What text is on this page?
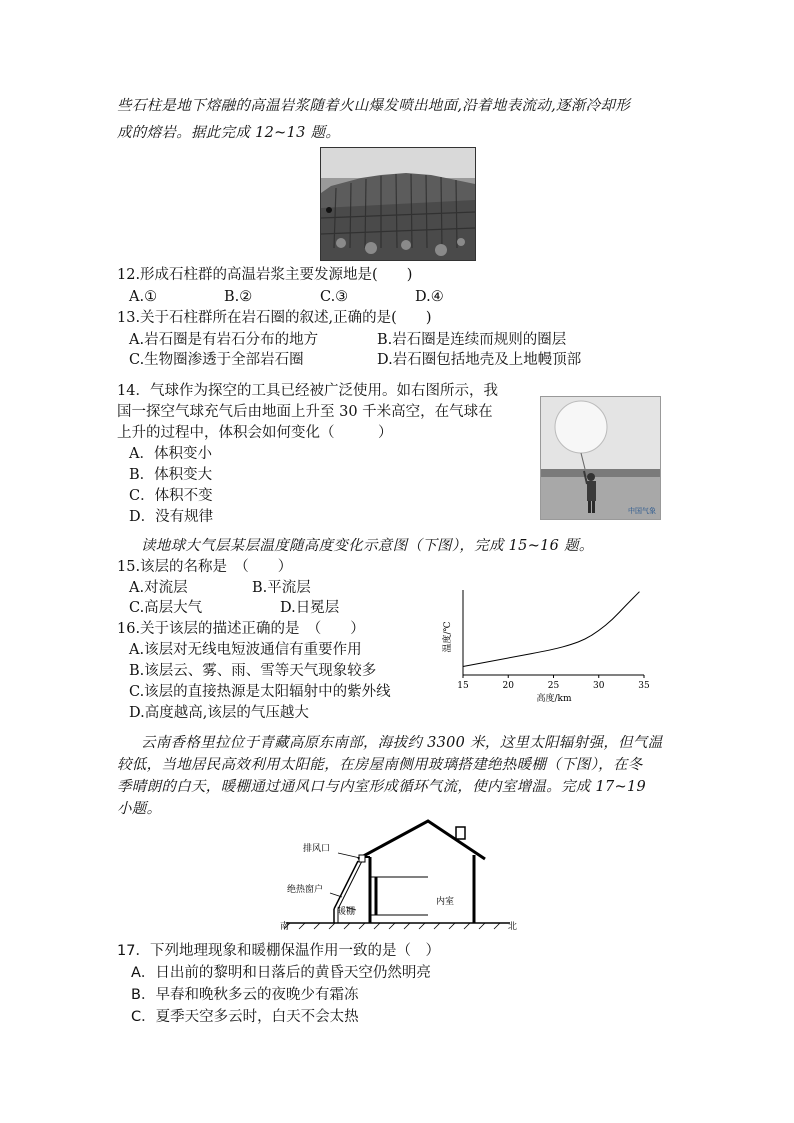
些石柱是地下熔融的高温岩浆随着火山爆发喷出地面,沿着地表流动,逐渐冷却形
成的熔岩。据此完成 12~13 题。
12.形成石柱群的高温岩浆主要发源地是(　　)
A.①	B.②	C.③	D.④
13.关于石柱群所在岩石圈的叙述,正确的是(　　)
A.岩石圈是有岩石分布的地方	B.岩石圈是连续而规则的圈层
C.生物圈渗透于全部岩石圈	D.岩石圈包括地壳及上地幔顶部
14．气球作为探空的工具已经被广泛使用。如右图所示，我
国一探空气球充气后由地面上升至 30 千米高空，在气球在
上升的过程中，体积会如何变化（　　　）
A．体积变小
B．体积变大
C．体积不变
D．没有规律	中国气象
读地球大气层某层温度随高度变化示意图（下图），完成 15~16 题。
15.该层的名称是　（　　）
A.对流层	B.平流层
C.高层大气	D.日冕层
16.关于该层的描述正确的是　（　　）
A.该层对无线电短波通信有重要作用
B.该层云、雾、雨、雪等天气现象较多
C.该层的直接热源是太阳辐射中的紫外线
D.高度越高,该层的气压越大
15	20	25	30	35
高度/km
温度/℃
云南香格里拉位于青藏高原东南部，海拔约 3300 米，这里太阳辐射强，但气温
较低，当地居民高效利用太阳能，在房屋南侧用玻璃搭建绝热暖棚（下图），在冬
季晴朗的白天，暖棚通过通风口与内室形成循环气流，使内室增温。完成 17~19
小题。
排风口
绝热窗户
暖棚
内室
南	北
17．下列地理现象和暖棚保温作用一致的是（　）
A．日出前的黎明和日落后的黄昏天空仍然明亮
B．早春和晚秋多云的夜晚少有霜冻
C．夏季天空多云时，白天不会太热
